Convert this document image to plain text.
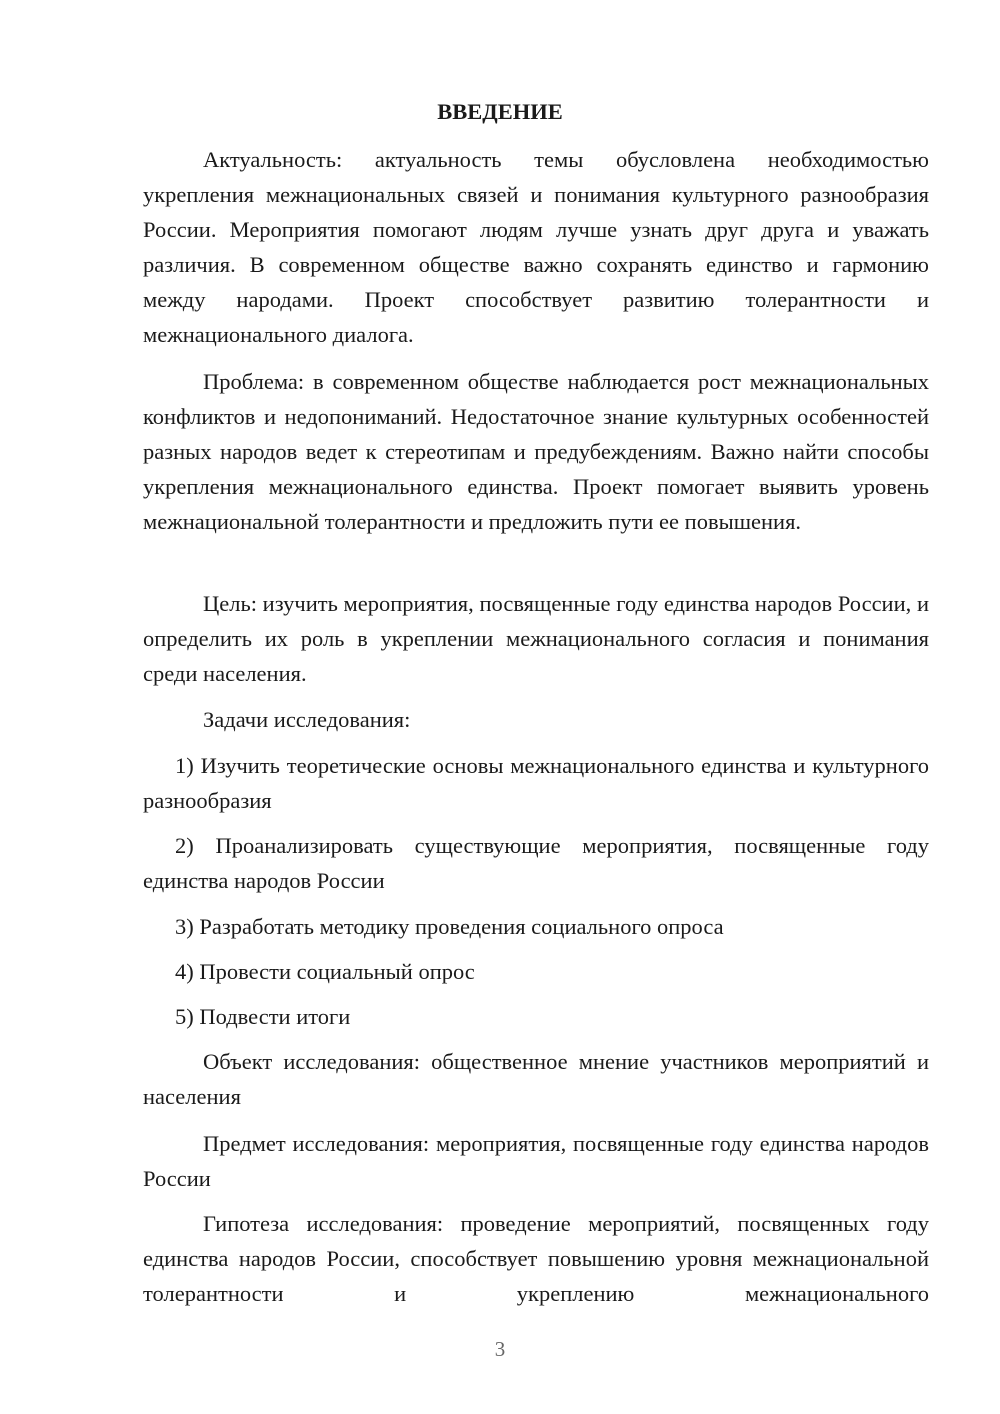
ВВЕДЕНИЕ

Актуальность: актуальность темы обусловлена необходимостью укрепления межнациональных связей и понимания культурного разнообразия России. Мероприятия помогают людям лучше узнать друг друга и уважать различия. В современном обществе важно сохранять единство и гармонию между народами. Проект способствует развитию толерантности и межнационального диалога.

Проблема: в современном обществе наблюдается рост межнациональных конфликтов и недопониманий. Недостаточное знание культурных особенностей разных народов ведет к стереотипам и предубеждениям. Важно найти способы укрепления межнационального единства. Проект помогает выявить уровень межнациональной толерантности и предложить пути ее повышения.

Цель: изучить мероприятия, посвященные году единства народов России, и определить их роль в укреплении межнационального согласия и понимания среди населения.

Задачи исследования:

1) Изучить теоретические основы межнационального единства и культурного разнообразия

2) Проанализировать существующие мероприятия, посвященные году единства народов России

3) Разработать методику проведения социального опроса

4) Провести социальный опрос

5) Подвести итоги

Объект исследования: общественное мнение участников мероприятий и населения

Предмет исследования: мероприятия, посвященные году единства народов России

Гипотеза исследования: проведение мероприятий, посвященных году единства народов России, способствует повышению уровня межнациональной толерантности и укреплению межнационального

3
